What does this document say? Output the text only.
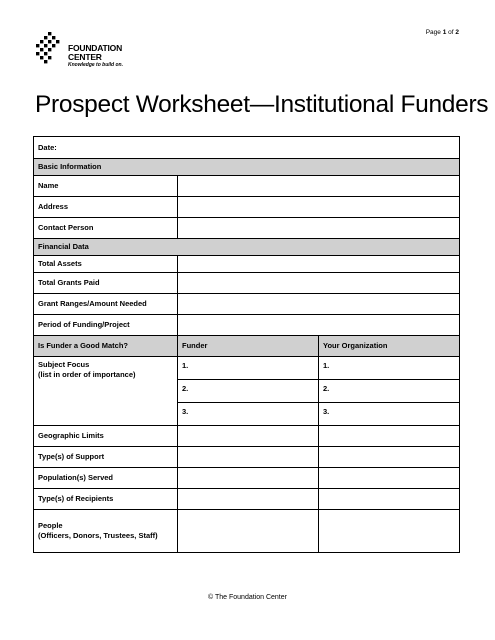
Page 1 of 2
FOUNDATION
CENTER
Knowledge to build on.
Prospect Worksheet—Institutional Funders
Date:		
Basic Information		
Name		
Address		
Contact Person		
Financial Data		
Total Assets		
Total Grants Paid		
Grant Ranges/Amount Needed		
Period of Funding/Project		
Is Funder a Good Match?	Funder	Your Organization
Subject Focus
(list in order of importance)	1.	1.
	2.	2.
	3.	3.
Geographic Limits		
Type(s) of Support		
Population(s) Served		
Type(s) of Recipients		
People
(Officers, Donors, Trustees, Staff)		
© The Foundation Center
